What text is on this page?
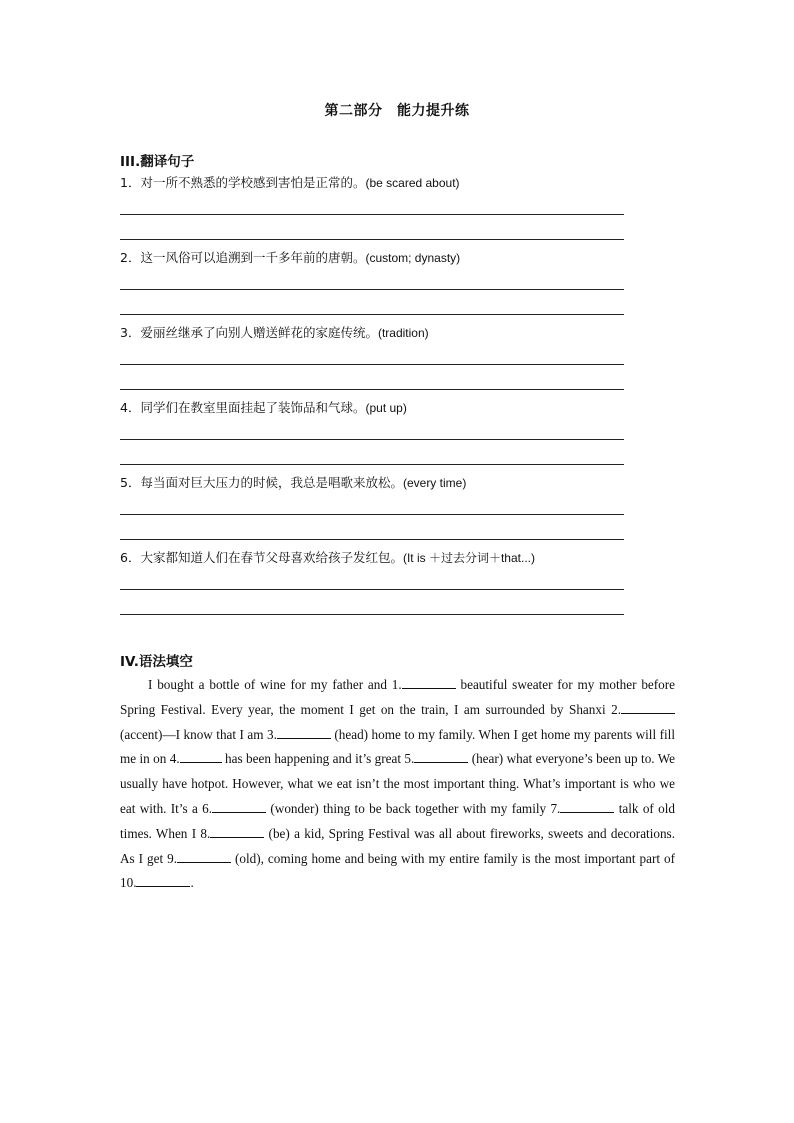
第二部分　能力提升练
III.翻译句子
1．对一所不熟悉的学校感到害怕是正常的。(be scared about)
2．这一风俗可以追溯到一千多年前的唐朝。(custom; dynasty)
3．爱丽丝继承了向别人赠送鲜花的家庭传统。(tradition)
4．同学们在教室里面挂起了装饰品和气球。(put up)
5．每当面对巨大压力的时候，我总是唱歌来放松。(every time)
6．大家都知道人们在春节父母喜欢给孩子发红包。(It is ＋过去分词＋that...)
IV.语法填空
I bought a bottle of wine for my father and 1.	beautiful sweater for my mother before Spring Festival. Every year, the moment I get on the train, I am surrounded by Shanxi 2. (accent)—I know that I am 3.	(head) home to my family. When I get home my parents will fill me in on 4.	has been happening and it’s great 5.	(hear) what everyone’s been up to. We usually have hotpot. However, what we eat isn’t the most important thing. What’s important is who we eat with. It’s a 6.	(wonder) thing to be back together with my family 7.	talk of old times. When I 8.	(be) a kid, Spring Festival was all about fireworks, sweets and decorations. As I get 9.	(old), coming home and being with my entire family is the most important part of 10.	.
